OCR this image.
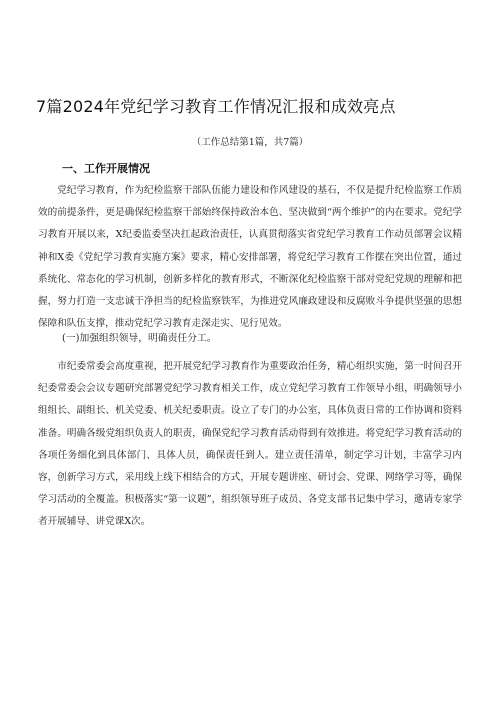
7篇2024年党纪学习教育工作情况汇报和成效亮点
（工作总结第1篇，共7篇）
一、工作开展情况

党纪学习教育，作为纪检监察干部队伍能力建设和作风建设的基石，不仅是提升纪检监察工作质效的前提条件，更是确保纪检监察干部始终保持政治本色、坚决做到“两个维护”的内在要求。党纪学习教育开展以来，X纪委监委坚决扛起政治责任，认真贯彻落实省党纪学习教育工作动员部署会议精神和X委《党纪学习教育实施方案》要求，精心安排部署，将党纪学习教育工作摆在突出位置，通过系统化、常态化的学习机制，创新多样化的教育形式，不断深化纪检监察干部对党纪党规的理解和把握，努力打造一支忠诚干净担当的纪检监察铁军，为推进党风廉政建设和反腐败斗争提供坚强的思想保障和队伍支撑，推动党纪学习教育走深走实、见行见效。

(一)加强组织领导，明确责任分工。

市纪委常委会高度重视，把开展党纪学习教育作为重要政治任务，精心组织实施，第一时间召开纪委常委会会议专题研究部署党纪学习教育相关工作，成立党纪学习教育工作领导小组，明确领导小组组长、副组长、机关党委、机关纪委职责。设立了专门的办公室，具体负责日常的工作协调和资料准备。明确各级党组织负责人的职责，确保党纪学习教育活动得到有效推进。将党纪学习教育活动的各项任务细化到具体部门、具体人员，确保责任到人。建立责任清单，制定学习计划，丰富学习内容，创新学习方式，采用线上线下相结合的方式，开展专题讲座、研讨会、党课、网络学习等，确保学习活动的全覆盖。积极落实“第一议题”，组织领导班子成员、各党支部书记集中学习，邀请专家学者开展辅导、讲党课X次。
